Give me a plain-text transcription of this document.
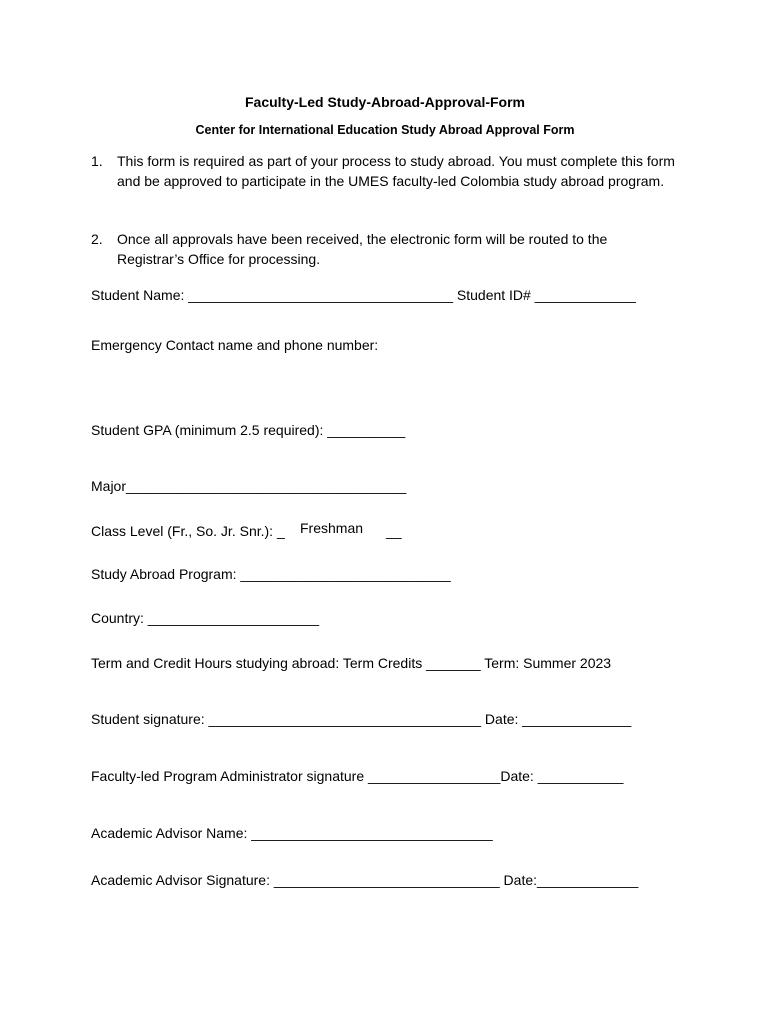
Faculty-Led Study-Abroad-Approval-Form
Center for International Education Study Abroad Approval Form
1. This form is required as part of your process to study abroad. You must complete this form and be approved to participate in the UMES faculty-led Colombia study abroad program.
2. Once all approvals have been received, the electronic form will be routed to the Registrar’s Office for processing.
Student Name: __________________________________ Student ID# _____________
Emergency Contact name and phone number:
Student GPA (minimum 2.5 required): __________
Major____________________________________
Class Level (Fr., So. Jr. Snr.): _ Freshman __
Study Abroad Program: ___________________________
Country: ______________________
Term and Credit Hours studying abroad: Term Credits _______ Term: Summer 2023
Student signature: ___________________________________ Date: ______________
Faculty-led Program Administrator signature _________________Date: ___________
Academic Advisor Name: _______________________________
Academic Advisor Signature: _____________________________ Date:_____________
